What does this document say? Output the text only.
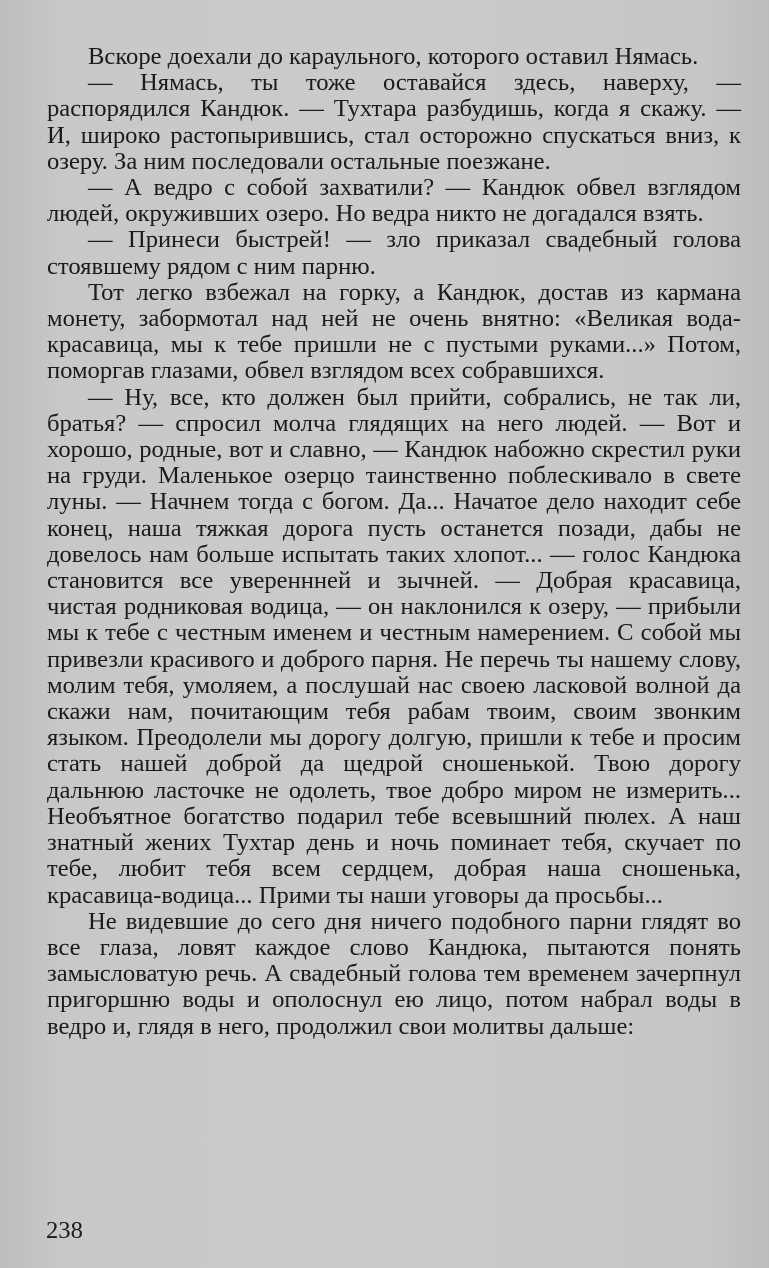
Вскоре доехали до караульного, которого оставил Нямась.

— Нямась, ты тоже оставайся здесь, наверху, — распорядился Кандюк. — Тухтара разбудишь, когда я скажу. — И, широко растопырившись, стал осторожно спускаться вниз, к озеру. За ним последовали остальные поезжане.

— А ведро с собой захватили? — Кандюк обвел взглядом людей, окруживших озеро. Но ведра никто не догадался взять.

— Принеси быстрей! — зло приказал свадебный голова стоявшему рядом с ним парню.

Тот легко взбежал на горку, а Кандюк, достав из кармана монету, забормотал над ней не очень внятно: «Великая вода-красавица, мы к тебе пришли не с пустыми руками...» Потом, поморгав глазами, обвел взглядом всех собравшихся.

— Ну, все, кто должен был прийти, собрались, не так ли, братья? — спросил молча глядящих на него людей. — Вот и хорошо, родные, вот и славно, — Кандюк набожно скрестил руки на груди. Маленькое озерцо таинственно поблескивало в свете луны. — Начнем тогда с богом. Да... Начатое дело находит себе конец, наша тяжкая дорога пусть останется позади, дабы не довелось нам больше испытать таких хлопот... — голос Кандюка становится все увереннней и зычней. — Добрая красавица, чистая родниковая водица, — он наклонился к озеру, — прибыли мы к тебе с честным именем и честным намерением. С собой мы привезли красивого и доброго парня. Не перечь ты нашему слову, молим тебя, умоляем, а послушай нас своею ласковой волной да скажи нам, почитающим тебя рабам твоим, своим звонким языком. Преодолели мы дорогу долгую, пришли к тебе и просим стать нашей доброй да щедрой сношенькой. Твою дорогу дальнюю ласточке не одолеть, твое добро миром не измерить... Необъятное богатство подарил тебе всевышний пюлех. А наш знатный жених Тухтар день и ночь поминает тебя, скучает по тебе, любит тебя всем сердцем, добрая наша сношенька, красавица-водица... Прими ты наши уговоры да просьбы...

Не видевшие до сего дня ничего подобного парни глядят во все глаза, ловят каждое слово Кандюка, пытаются понять замысловатую речь. А свадебный голова тем временем зачерпнул пригоршню воды и ополоснул ею лицо, потом набрал воды в ведро и, глядя в него, продолжил свои молитвы дальше:

238
